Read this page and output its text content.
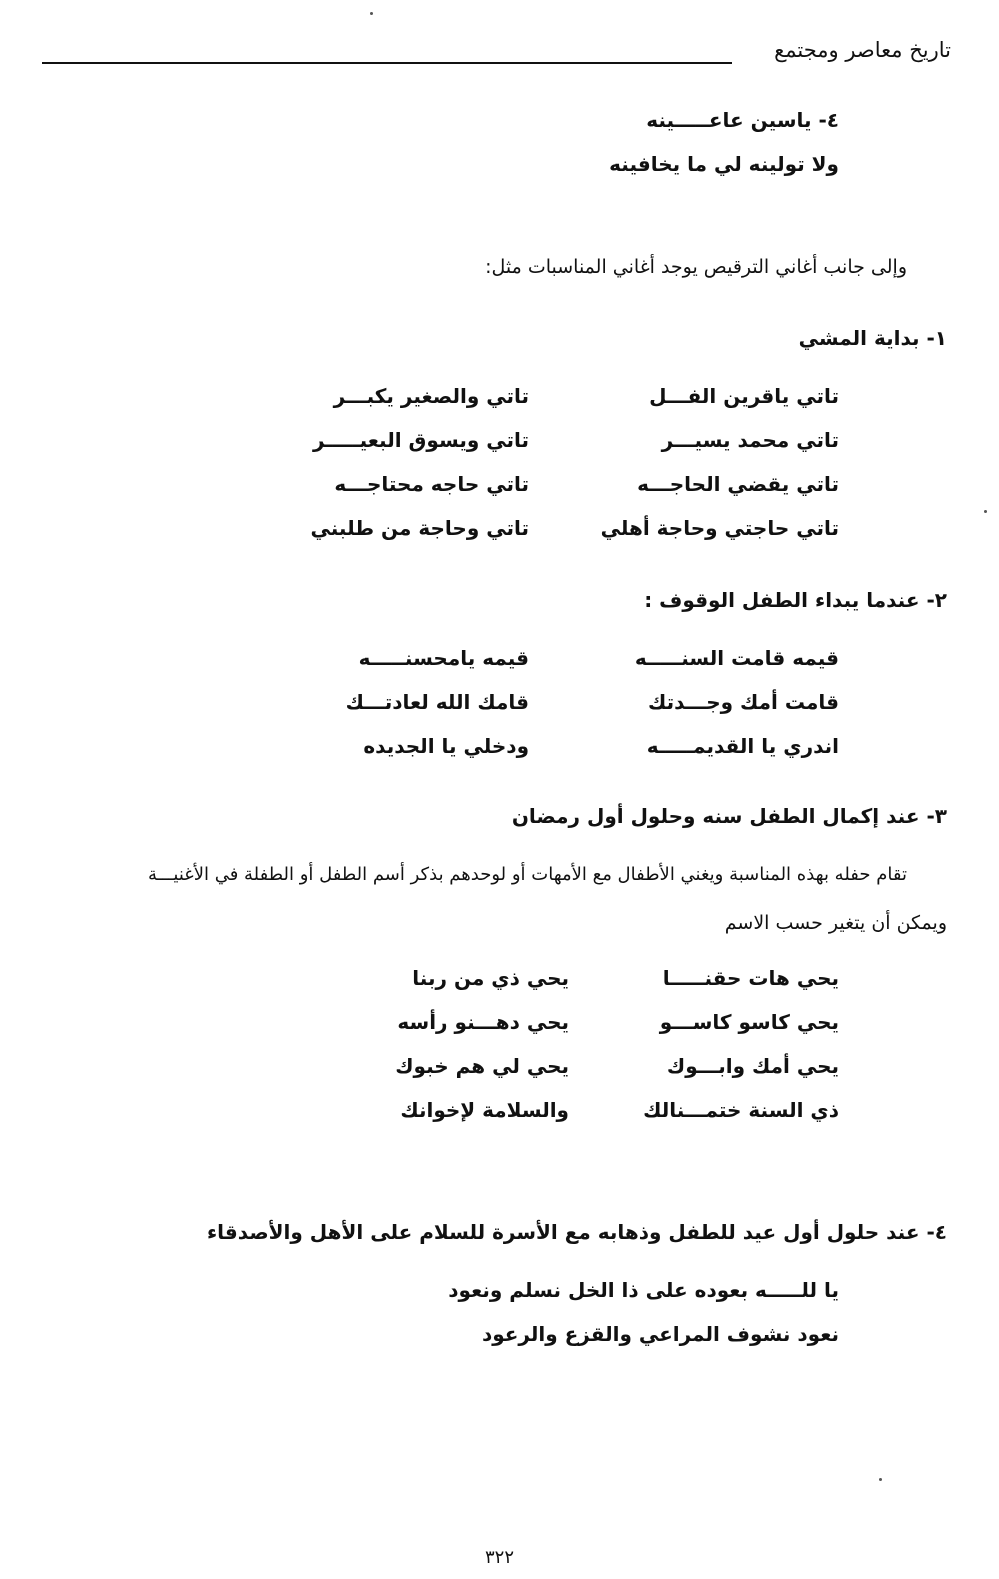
تاريخ معاصر ومجتمع
٤- ياسين عاعـــــينه
ولا تولينه لي ما يخافينه
وإلى جانب أغاني الترقيص يوجد أغاني المناسبات مثل:
١- بداية المشي
تاتي ياقرين الفـــل
تاتي والصغير يكبـــر
تاتي محمد يسيـــر
تاتي ويسوق البعيـــــر
تاتي يقضي الحاجـــه
تاتي حاجه محتاجـــه
تاتي حاجتي وحاجة أهلي
تاتي وحاجة من طلبني
٢- عندما يبداء الطفل الوقوف :
قيمه قامت السنـــــه
قيمه يامحسنـــــه
قامت أمك وجـــدتك
قامك الله لعادتـــك
اندري يا القديمـــــه
ودخلي يا الجديده
٣- عند إكمال الطفل سنه وحلول أول رمضان
تقام حفله بهذه المناسبة ويغني الأطفال مع الأمهات أو لوحدهم بذكر أسم الطفل أو الطفلة في الأغنيـــة
ويمكن أن يتغير حسب الاسم
يحي هات حقنـــــا
يحي ذي من ربنا
يحي كاسو كاســـو
يحي دهـــنو رأسه
يحي أمك وابـــوك
يحي لي هم خبوك
ذي السنة ختمـــنالك
والسلامة لإخوانك
٤- عند حلول أول عيد للطفل وذهابه مع الأسرة للسلام على الأهل والأصدقاء
يا للـــــه بعوده على ذا الخل نسلم ونعود
نعود نشوف المراعي والقزع والرعود
٣٢٢
